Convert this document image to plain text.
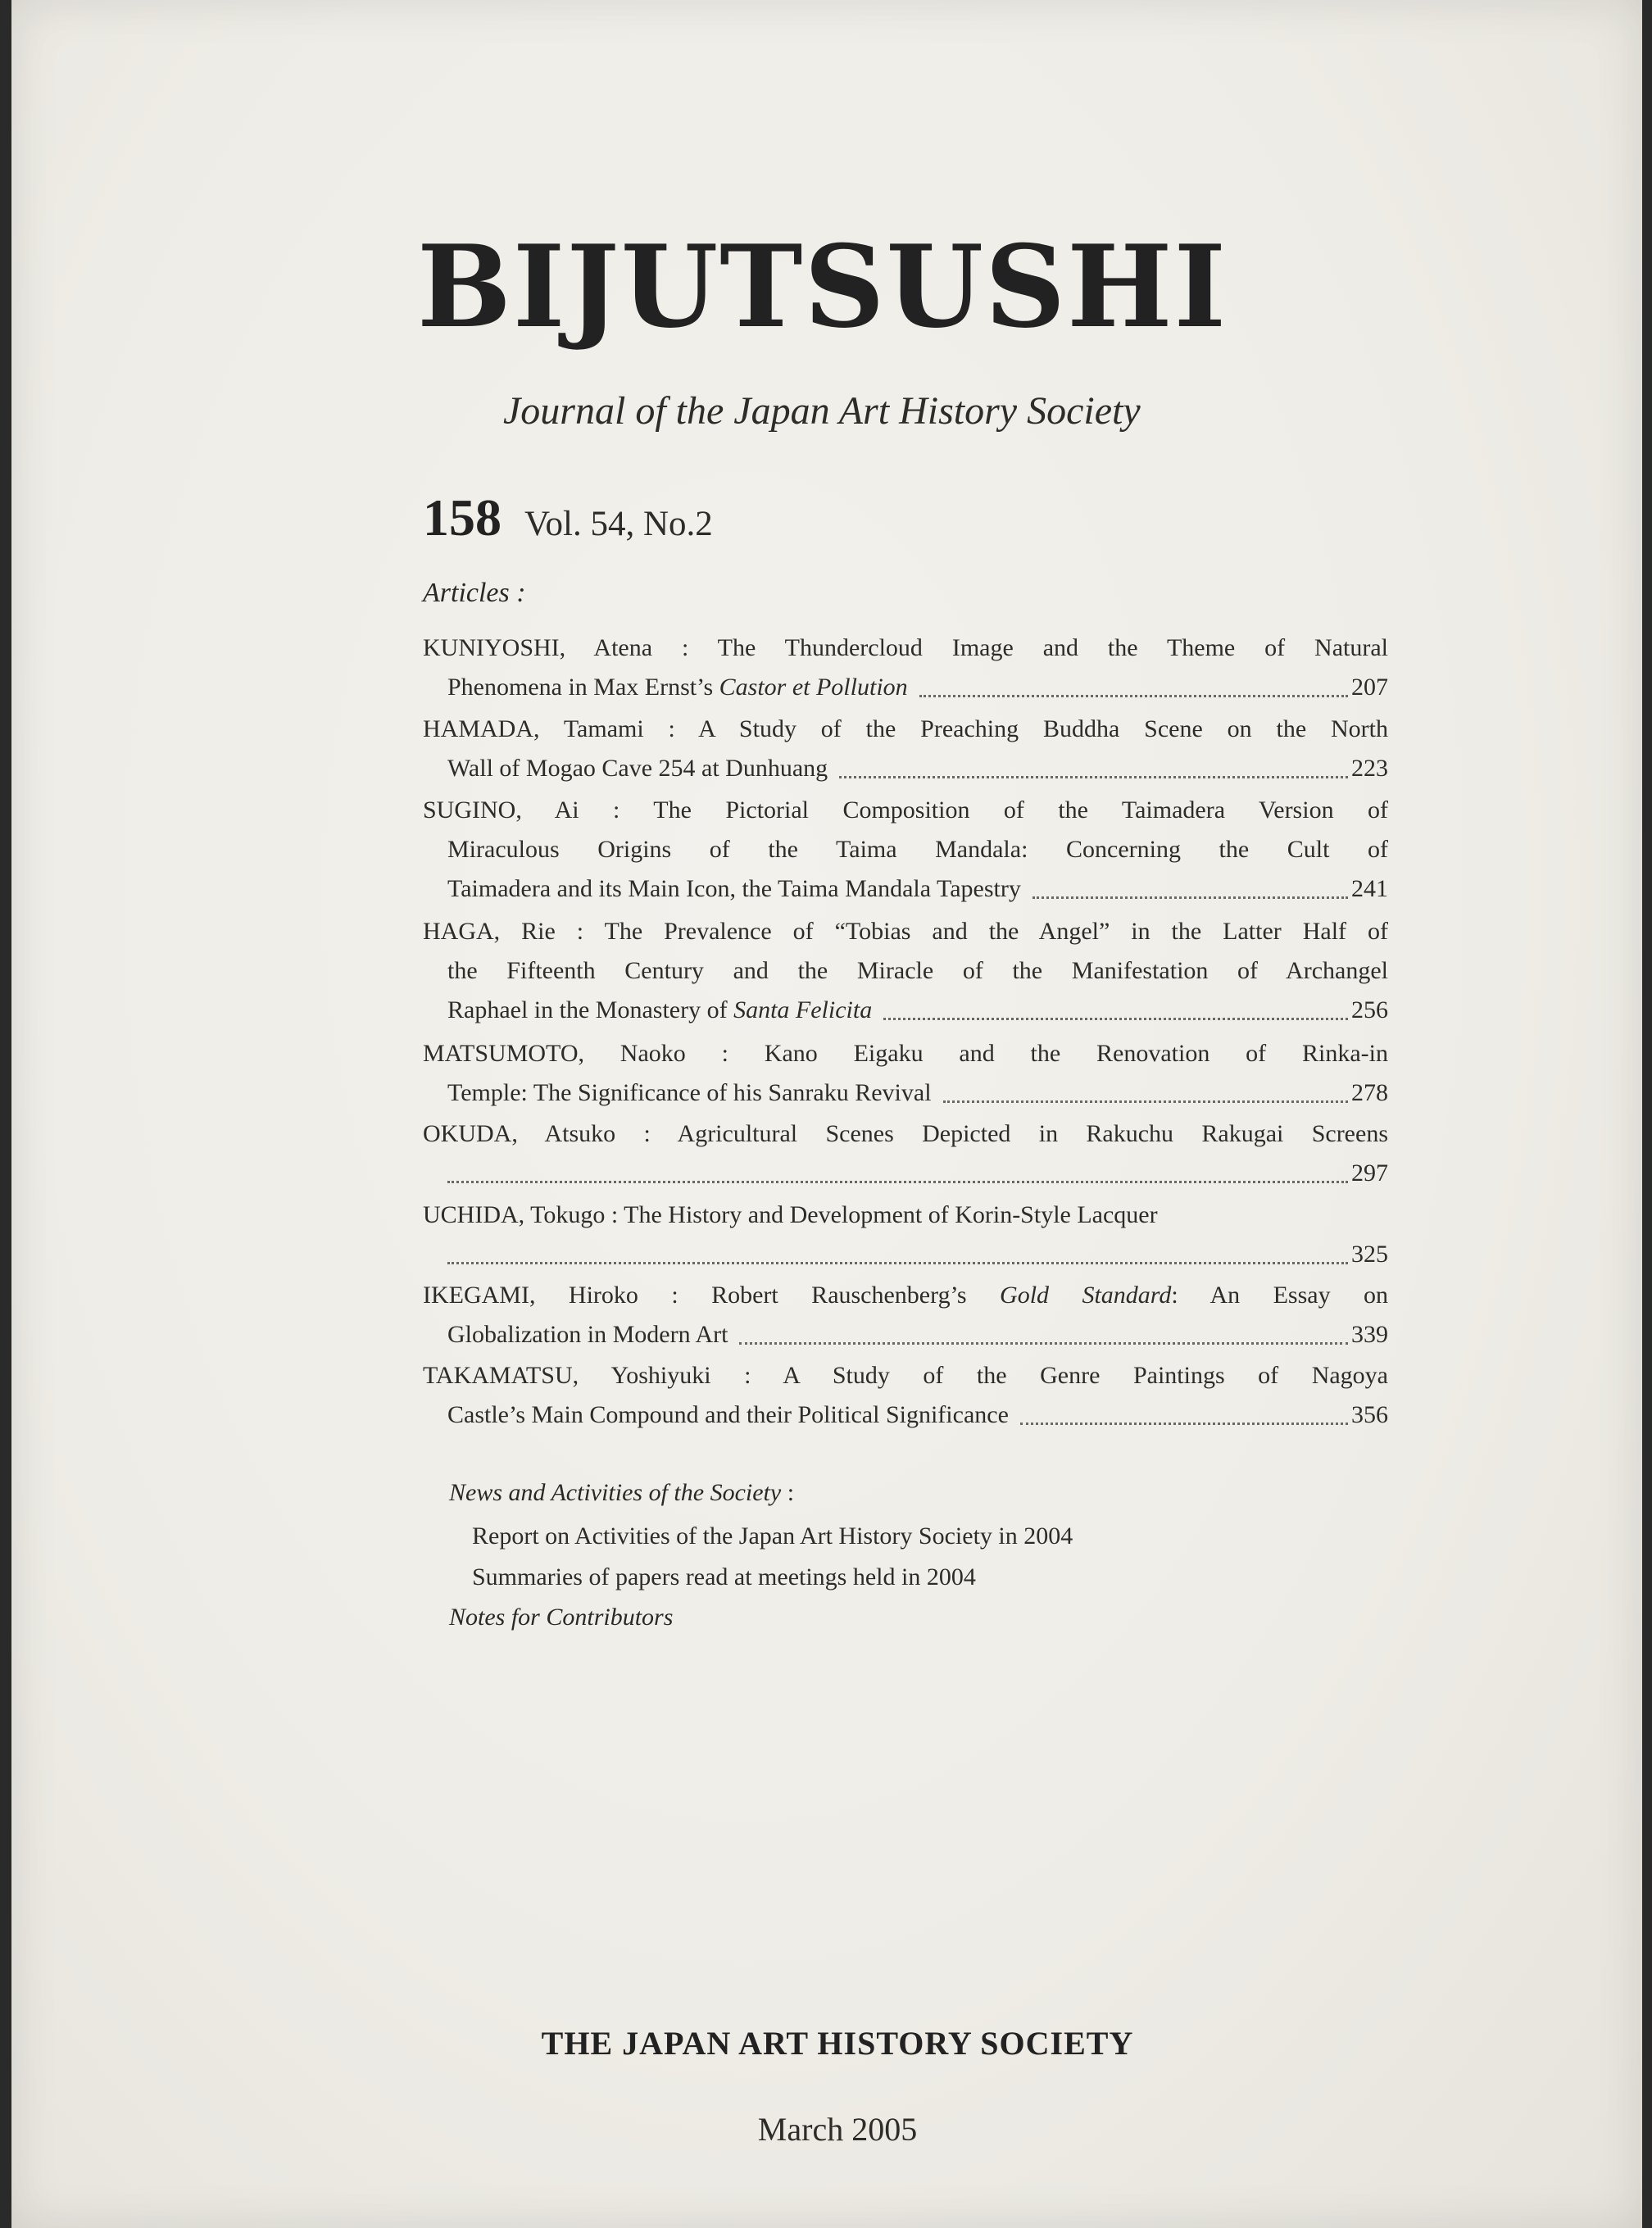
BIJUTSUSHI
Journal of the Japan Art History Society
158 Vol. 54, No.2
Articles :
KUNIYOSHI, Atena : The Thundercloud Image and the Theme of Natural
Phenomena in Max Ernst’s Castor et Pollution	207
HAMADA, Tamami : A Study of the Preaching Buddha Scene on the North
Wall of Mogao Cave 254 at Dunhuang	223
SUGINO, Ai : The Pictorial Composition of the Taimadera Version of
Miraculous Origins of the Taima Mandala: Concerning the Cult of
Taimadera and its Main Icon, the Taima Mandala Tapestry	241
HAGA, Rie : The Prevalence of “Tobias and the Angel” in the Latter Half of
the Fifteenth Century and the Miracle of the Manifestation of Archangel
Raphael in the Monastery of Santa Felicita	256
MATSUMOTO, Naoko : Kano Eigaku and the Renovation of Rinka-in
Temple: The Significance of his Sanraku Revival	278
OKUDA, Atsuko : Agricultural Scenes Depicted in Rakuchu Rakugai Screens
297
UCHIDA, Tokugo : The History and Development of Korin-Style Lacquer
325
IKEGAMI, Hiroko : Robert Rauschenberg’s Gold Standard: An Essay on
Globalization in Modern Art	339
TAKAMATSU, Yoshiyuki : A Study of the Genre Paintings of Nagoya
Castle’s Main Compound and their Political Significance	356
News and Activities of the Society :
Report on Activities of the Japan Art History Society in 2004
Summaries of papers read at meetings held in 2004
Notes for Contributors
THE JAPAN ART HISTORY SOCIETY
March 2005
